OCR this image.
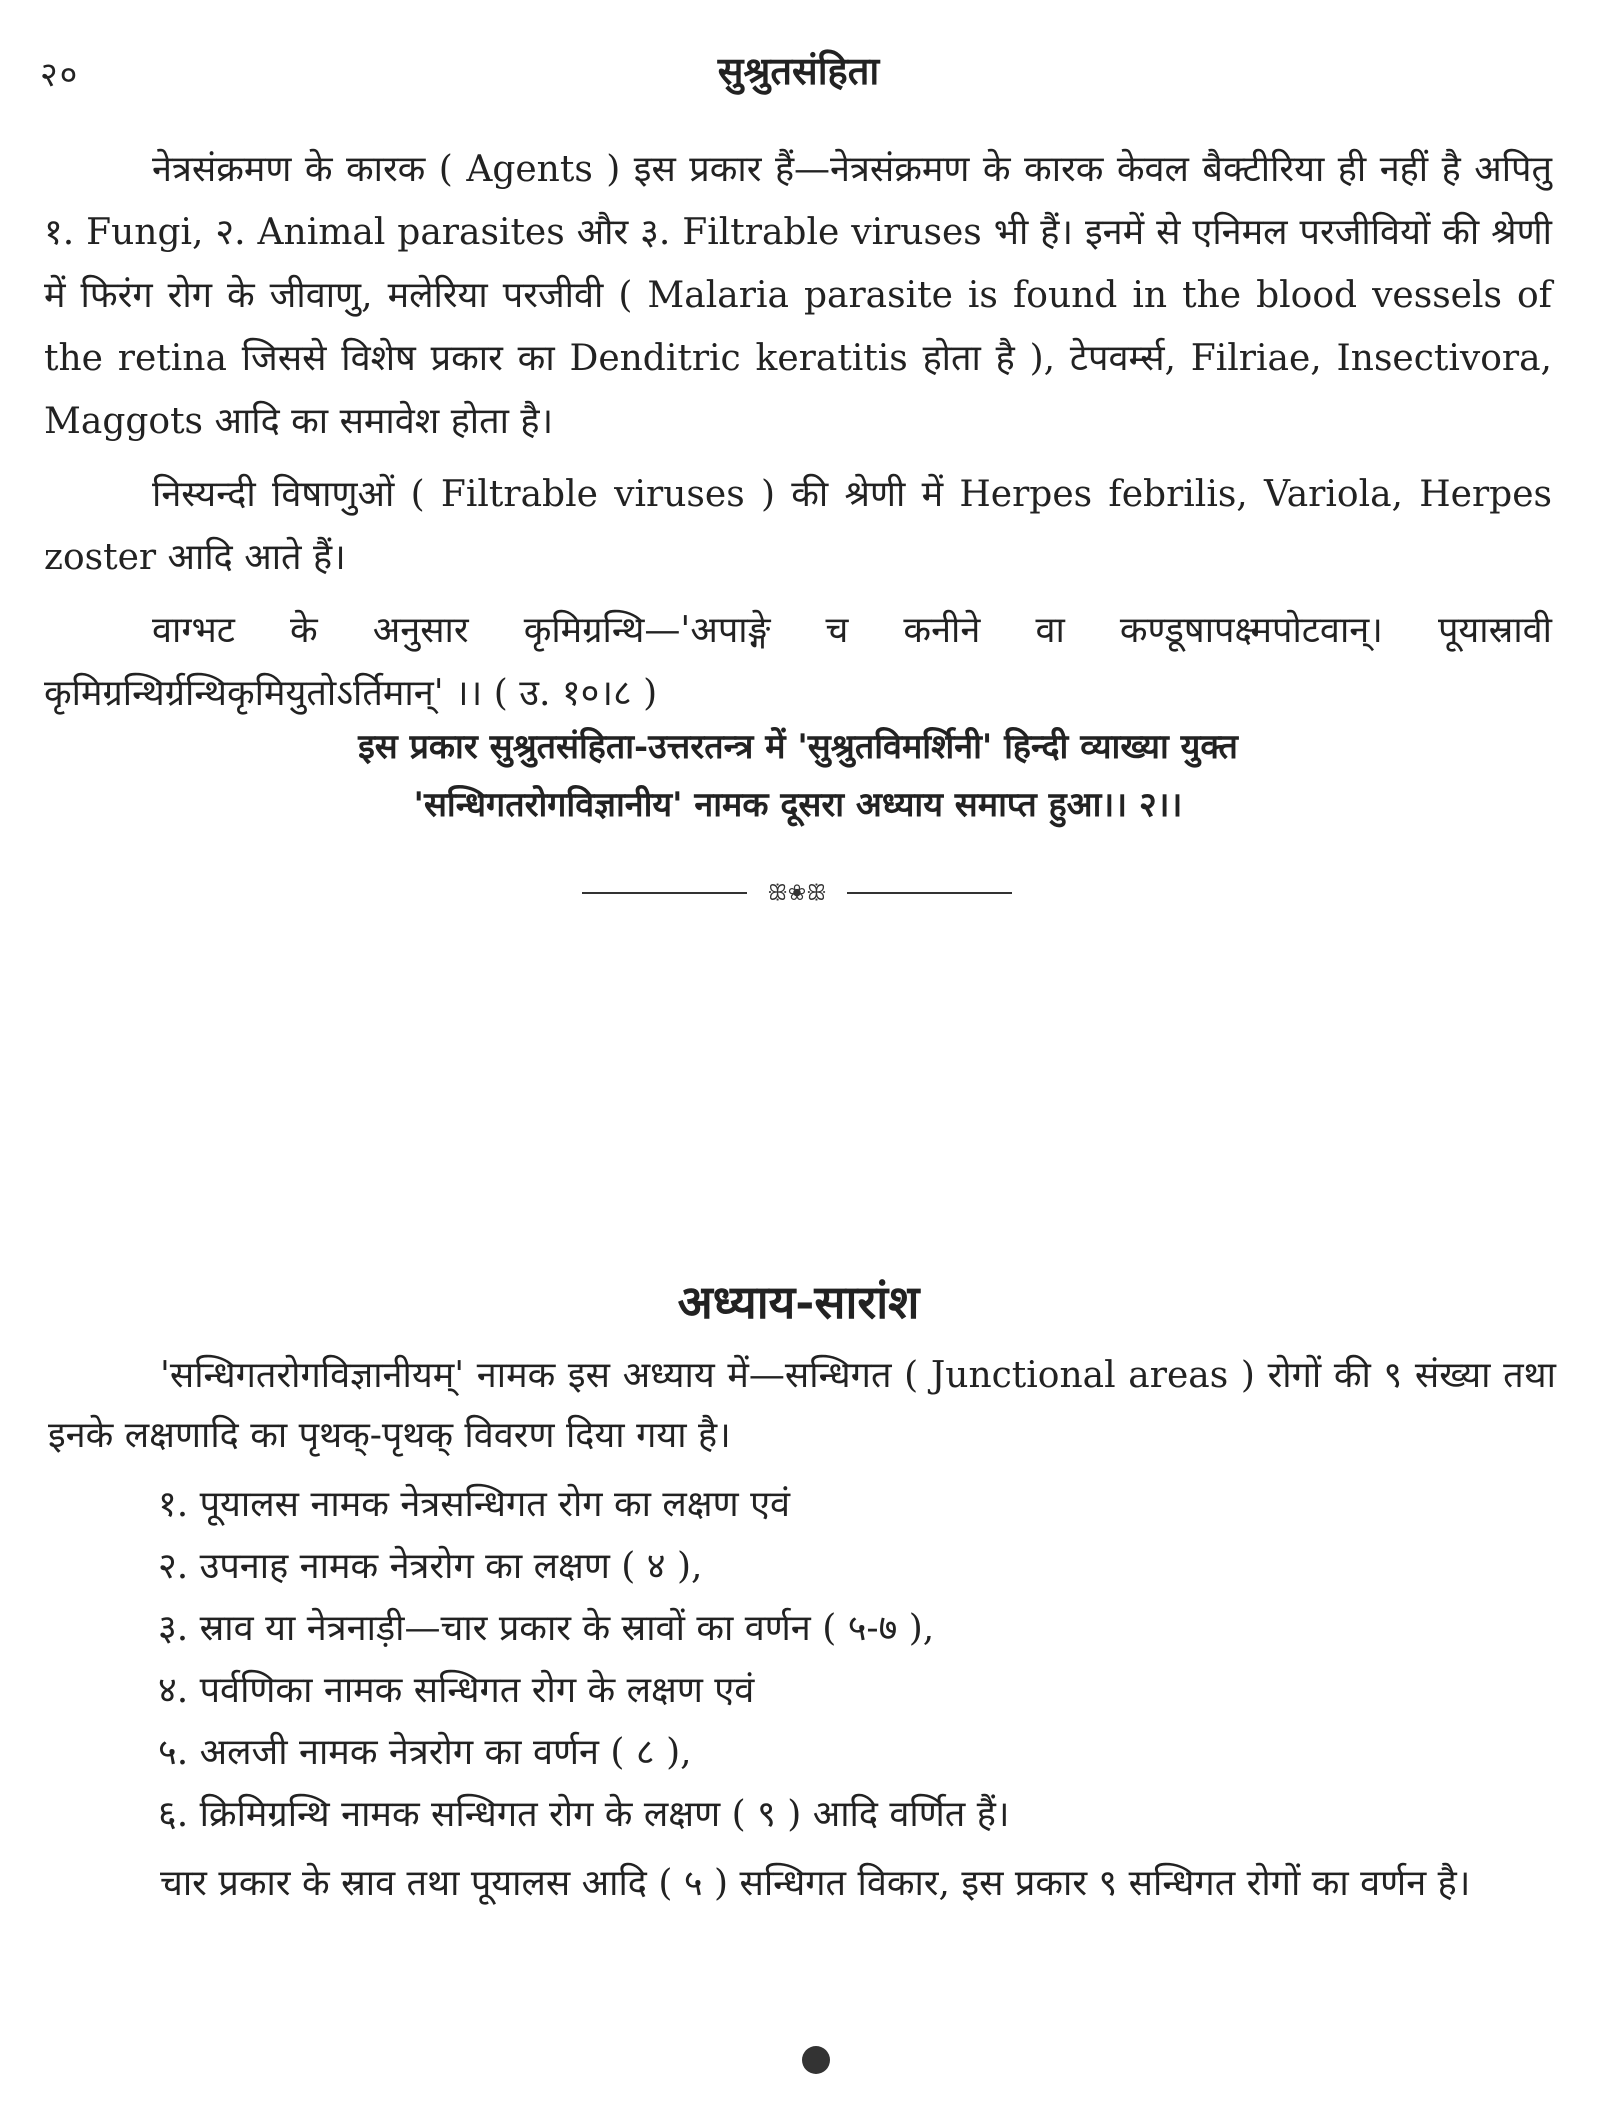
२०	सुश्रुतसंहिता

नेत्रसंक्रमण के कारक ( Agents ) इस प्रकार हैं—नेत्रसंक्रमण के कारक केवल बैक्टीरिया ही नहीं है अपितु १. Fungi, २. Animal parasites और ३. Filtrable viruses भी हैं। इनमें से एनिमल परजीवियों की श्रेणी में फिरंग रोग के जीवाणु, मलेरिया परजीवी ( Malaria parasite is found in the blood vessels of the retina जिससे विशेष प्रकार का Denditric keratitis होता है ), टेपवर्म्स, Filriae, Insectivora, Maggots आदि का समावेश होता है।

निस्यन्दी विषाणुओं ( Filtrable viruses ) की श्रेणी में Herpes febrilis, Variola, Herpes zoster आदि आते हैं।

वाग्भट के अनुसार कृमिग्रन्थि—'अपाङ्गे च कनीने वा कण्डूषापक्ष्मपोटवान्। पूयास्रावी कृमिग्रन्थिर्ग्रन्थिकृमियुतोऽर्तिमान्' ।। ( उ. १०।८ )

इस प्रकार सुश्रुतसंहिता-उत्तरतन्त्र में 'सुश्रुतविमर्शिनी' हिन्दी व्याख्या युक्त
'सन्धिगतरोगविज्ञानीय' नामक दूसरा अध्याय समाप्त हुआ।। २।।
ꕥ❀ꕥ
अध्याय-सारांश

'सन्धिगतरोगविज्ञानीयम्' नामक इस अध्याय में—सन्धिगत ( Junctional areas ) रोगों की ९ संख्या तथा इनके लक्षणादि का पृथक्-पृथक् विवरण दिया गया है।

१. पूयालस नामक नेत्रसन्धिगत रोग का लक्षण एवं
२. उपनाह नामक नेत्ररोग का लक्षण ( ४ ),
३. स्राव या नेत्रनाड़ी—चार प्रकार के स्रावों का वर्णन ( ५-७ ),
४. पर्वणिका नामक सन्धिगत रोग के लक्षण एवं
५. अलजी नामक नेत्ररोग का वर्णन ( ८ ),
६. क्रिमिग्रन्थि नामक सन्धिगत रोग के लक्षण ( ९ ) आदि वर्णित हैं।

चार प्रकार के स्राव तथा पूयालस आदि ( ५ ) सन्धिगत विकार, इस प्रकार ९ सन्धिगत रोगों का वर्णन है।
